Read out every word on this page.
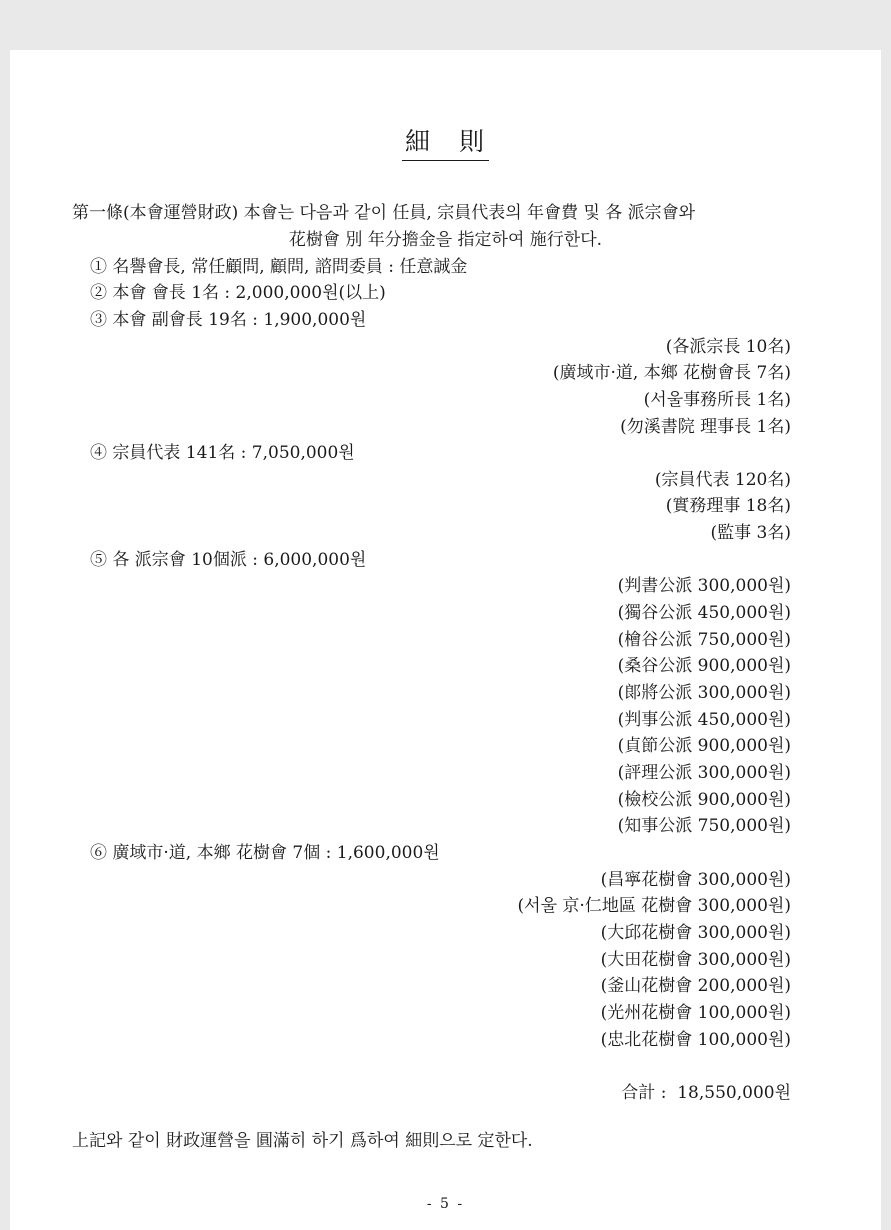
細　則
第一條(本會運營財政) 本會는 다음과 같이 任員, 宗員代表의 年會費 및 各 派宗會와
花樹會 別 年分擔金을 指定하여 施行한다.
① 名譽會長, 常任顧問, 顧問, 諮問委員 : 任意誠金
② 本會 會長 1名 : 2,000,000원(以上)
③ 本會 副會長 19名 : 1,900,000원
(各派宗長 10名)
(廣域市·道, 本鄉 花樹會長 7名)
(서울事務所長 1名)
(勿溪書院 理事長 1名)
④ 宗員代表 141名 : 7,050,000원
(宗員代表 120名)
(實務理事 18名)
(監事 3名)
⑤ 各 派宗會 10個派 : 6,000,000원
(判書公派 300,000원)
(獨谷公派 450,000원)
(檜谷公派 750,000원)
(桑谷公派 900,000원)
(郞將公派 300,000원)
(判事公派 450,000원)
(貞節公派 900,000원)
(評理公派 300,000원)
(檢校公派 900,000원)
(知事公派 750,000원)
⑥ 廣域市·道, 本鄉 花樹會 7個 : 1,600,000원
(昌寧花樹會 300,000원)
(서울 京·仁地區 花樹會 300,000원)
(大邱花樹會 300,000원)
(大田花樹會 300,000원)
(釜山花樹會 200,000원)
(光州花樹會 100,000원)
(忠北花樹會 100,000원)
合計 :  18,550,000원
上記와 같이 財政運營을 圓滿히 하기 爲하여 細則으로 定한다.
- 5 -
